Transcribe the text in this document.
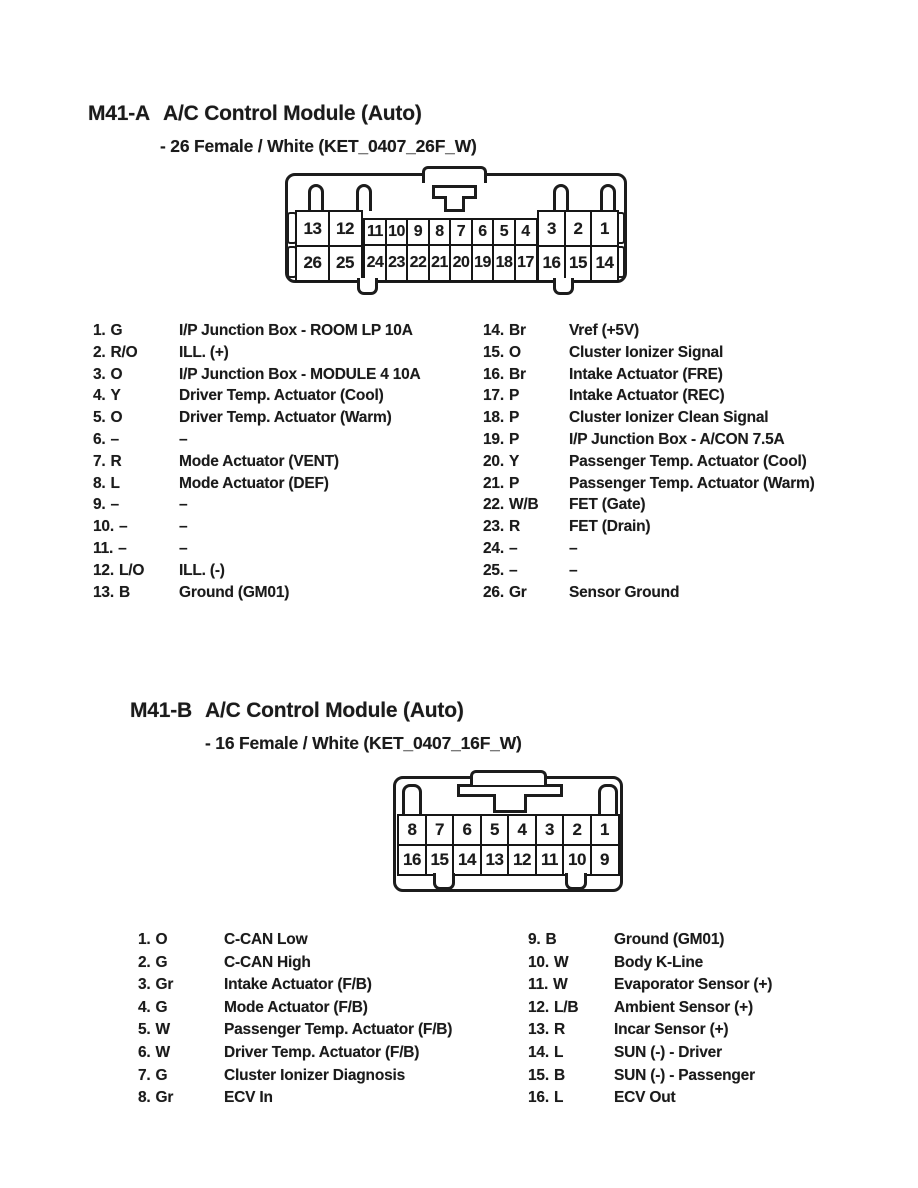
M41-A A/C Control Module (Auto)
- 26 Female / White (KET_0407_26F_W)
13 12
26 25
11 10 9 8 7 6 5 4
24 23 22 21 20 19 18 17
3	2	1
16 15 14
1. G	I/P Junction Box - ROOM LP 10A
2. R/O	ILL. (+)
3. O	I/P Junction Box - MODULE 4 10A
4. Y	Driver Temp. Actuator (Cool)
5. O	Driver Temp. Actuator (Warm)
6. –	–
7. R	Mode Actuator (VENT)
8. L	Mode Actuator (DEF)
9. –	–
10. –	–
11. –	–
12. L/O	ILL. (-)
13. B	Ground (GM01)
14. Br	Vref (+5V)
15. O	Cluster Ionizer Signal
16. Br	Intake Actuator (FRE)
17. P	Intake Actuator (REC)
18. P	Cluster Ionizer Clean Signal
19. P	I/P Junction Box - A/CON 7.5A
20. Y	Passenger Temp. Actuator (Cool)
21. P	Passenger Temp. Actuator (Warm)
22. W/B	FET (Gate)
23. R	FET (Drain)
24. –	–
25. –	–
26. Gr	Sensor Ground
M41-B A/C Control Module (Auto)
- 16 Female / White (KET_0407_16F_W)
8	7	6	5	4	3	2	1
16 15 14 13 12 11 10 9
1. O	C-CAN Low
2. G	C-CAN High
3. Gr	Intake Actuator (F/B)
4. G	Mode Actuator (F/B)
5. W	Passenger Temp. Actuator (F/B)
6. W	Driver Temp. Actuator (F/B)
7. G	Cluster Ionizer Diagnosis
8. Gr	ECV In
9. B	Ground (GM01)
10. W	Body K-Line
11. W	Evaporator Sensor (+)
12. L/B	Ambient Sensor (+)
13. R	Incar Sensor (+)
14. L	SUN (-) - Driver
15. B	SUN (-) - Passenger
16. L	ECV Out
